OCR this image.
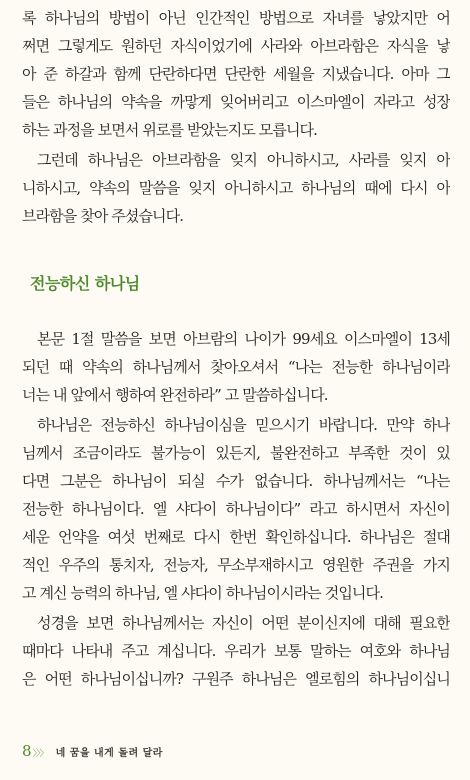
록 하나님의 방법이 아닌 인간적인 방법으로 자녀를 낳았지만 어
쩌면 그렇게도 원하던 자식이었기에 사라와 아브라함은 자식을 낳
아 준 하갈과 함께 단란하다면 단란한 세월을 지냈습니다. 아마 그
들은 하나님의 약속을 까맣게 잊어버리고 이스마엘이 자라고 성장
하는 과정을 보면서 위로를 받았는지도 모릅니다.
그런데 하나님은 아브라함을 잊지 아니하시고, 사라를 잊지 아
니하시고, 약속의 말씀을 잊지 아니하시고 하나님의 때에 다시 아
브라함을 찾아 주셨습니다.
전능하신 하나님
본문 1절 말씀을 보면 아브람의 나이가 99세요 이스마엘이 13세
되던 때 약속의 하나님께서 찾아오셔서 “나는 전능한 하나님이라
너는 내 앞에서 행하여 완전하라” 고 말씀하십니다.
하나님은 전능하신 하나님이심을 믿으시기 바랍니다. 만약 하나
님께서 조금이라도 불가능이 있든지, 불완전하고 부족한 것이 있
다면 그분은 하나님이 되실 수가 없습니다. 하나님께서는 “나는
전능한 하나님이다. 엘 샤다이 하나님이다” 라고 하시면서 자신이
세운 언약을 여섯 번째로 다시 한번 확인하십니다. 하나님은 절대
적인 우주의 통치자, 전능자, 무소부재하시고 영원한 주권을 가지
고 계신 능력의 하나님, 엘 샤다이 하나님이시라는 것입니다.
성경을 보면 하나님께서는 자신이 어떤 분이신지에 대해 필요한
때마다 나타내 주고 계십니다. 우리가 보통 말하는 여호와 하나님
은 어떤 하나님이십니까? 구원주 하나님은 엘로힘의 하나님이십니
8 〉〉〉 네 꿈을 내게 돌려 달라
